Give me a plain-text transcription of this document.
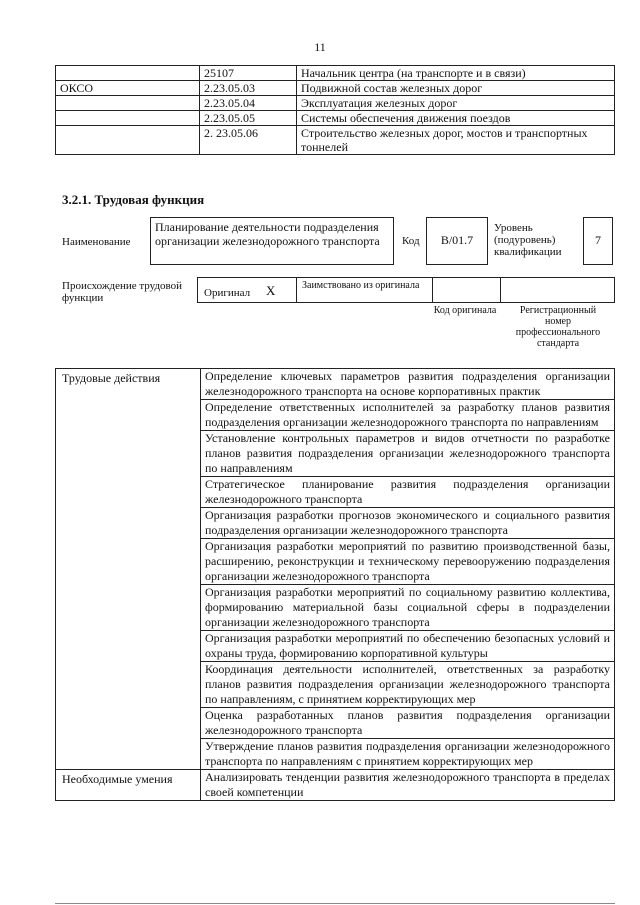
11
	25107	Начальник центра (на транспорте и в связи)
ОКСО	2.23.05.03	Подвижной состав железных дорог
	2.23.05.04	Эксплуатация железных дорог
	2.23.05.05	Системы обеспечения движения поездов
	2. 23.05.06	Строительство железных дорог, мостов и транспортных тоннелей
3.2.1. Трудовая функция
Наименование
Планирование деятельности подразделения организации железнодорожного транспорта	Код	B/01.7
Уровень (подуровень) квалификации
7
Происхождение трудовой функции	Оригинал X	Заимствовано из оригинала
Код оригинала	Регистрационный номер профессионального стандарта
Трудовые действия	Определение ключевых параметров развития подразделения организации железнодорожного транспорта на основе корпоративных практик
	Определение ответственных исполнителей за разработку планов развития подразделения организации железнодорожного транспорта по направлениям
	Установление контрольных параметров и видов отчетности по разработке планов развития подразделения организации железнодорожного транспорта по направлениям
	Стратегическое планирование развития подразделения организации железнодорожного транспорта
	Организация разработки прогнозов экономического и социального развития подразделения организации железнодорожного транспорта
	Организация разработки мероприятий по развитию производственной базы, расширению, реконструкции и техническому перевооружению подразделения организации железнодорожного транспорта
	Организация разработки мероприятий по социальному развитию коллектива, формированию материальной базы социальной сферы в подразделении организации железнодорожного транспорта
	Организация разработки мероприятий по обеспечению безопасных условий и охраны труда, формированию корпоративной культуры
	Координация деятельности исполнителей, ответственных за разработку планов развития подразделения организации железнодорожного транспорта по направлениям, с принятием корректирующих мер
	Оценка разработанных планов развития подразделения организации железнодорожного транспорта
	Утверждение планов развития подразделения организации железнодорожного транспорта по направлениям с принятием корректирующих мер
Необходимые умения	Анализировать тенденции развития железнодорожного транспорта в пределах своей компетенции
